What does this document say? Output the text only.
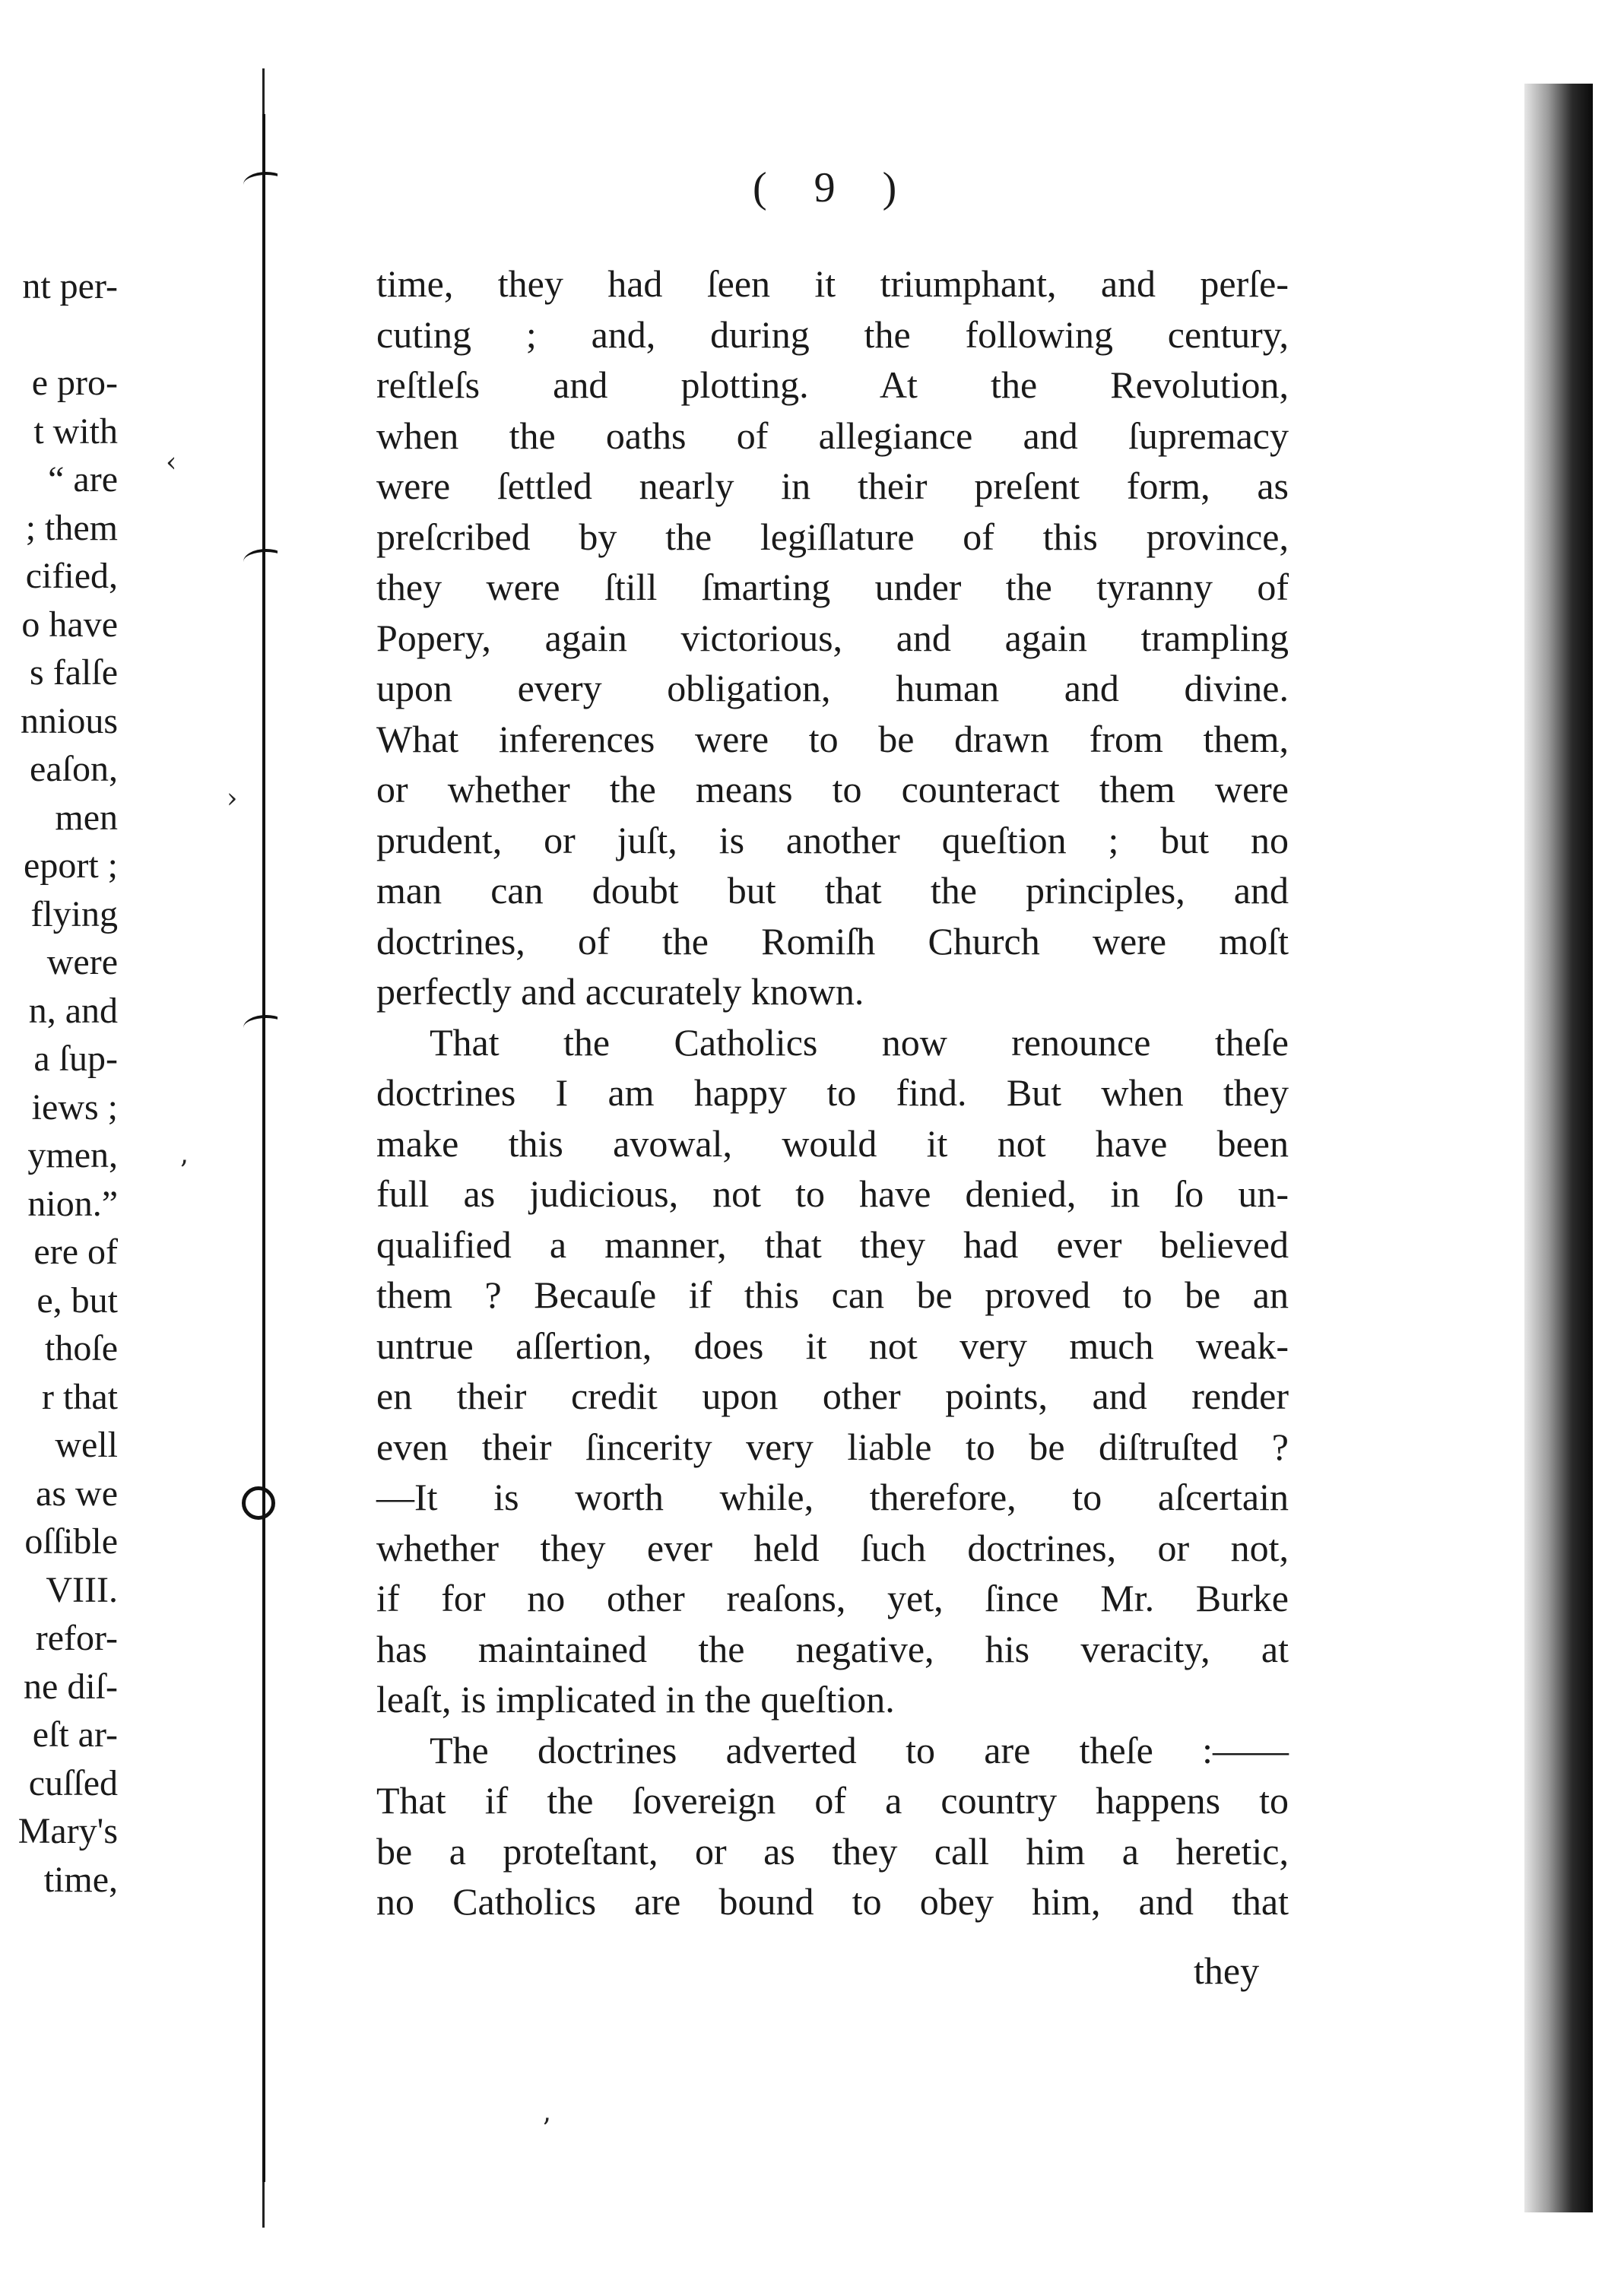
nt per-

e pro-
t with
“ are
; them
cified,
o have
s falſe
nnious
eaſon,
men
eport ;
flying
were
n, and
a ſup-
iews ;
ymen,
nion.”
ere of
e, but
thoſe
r that
well
as we
oſſible
VIII.
refor-
ne diſ-
eſt ar-
cuſſed
Mary's
time,
( 9 )
time, they had ſeen it triumphant, and perſe-
cuting ; and, during the following century,
reſtleſs and plotting. At the Revolution,
when the oaths of allegiance and ſupremacy
were ſettled nearly in their preſent form, as
preſcribed by the legiſlature of this province,
they were ſtill ſmarting under the tyranny of
Popery, again victorious, and again trampling
upon every obligation, human and divine.
What inferences were to be drawn from them,
or whether the means to counteract them were
prudent, or juſt, is another queſtion ; but no
man can doubt but that the principles, and
doctrines, of the Romiſh Church were moſt
perfectly and accurately known.
That the Catholics now renounce theſe
doctrines I am happy to find. But when they
make this avowal, would it not have been
full as judicious, not to have denied, in ſo un-
qualified a manner, that they had ever believed
them ? Becauſe if this can be proved to be an
untrue aſſertion, does it not very much weak-
en their credit upon other points, and render
even their ſincerity very liable to be diſtruſted ?
—It is worth while, therefore, to aſcertain
whether they ever held ſuch doctrines, or not,
if for no other reaſons, yet, ſince Mr. Burke
has maintained the negative, his veracity, at
leaſt, is implicated in the queſtion.
The doctrines adverted to are theſe :——
That if the ſovereign of a country happens to
be a proteſtant, or as they call him a heretic,
no Catholics are bound to obey him, and that
they
‹
›
’
’
